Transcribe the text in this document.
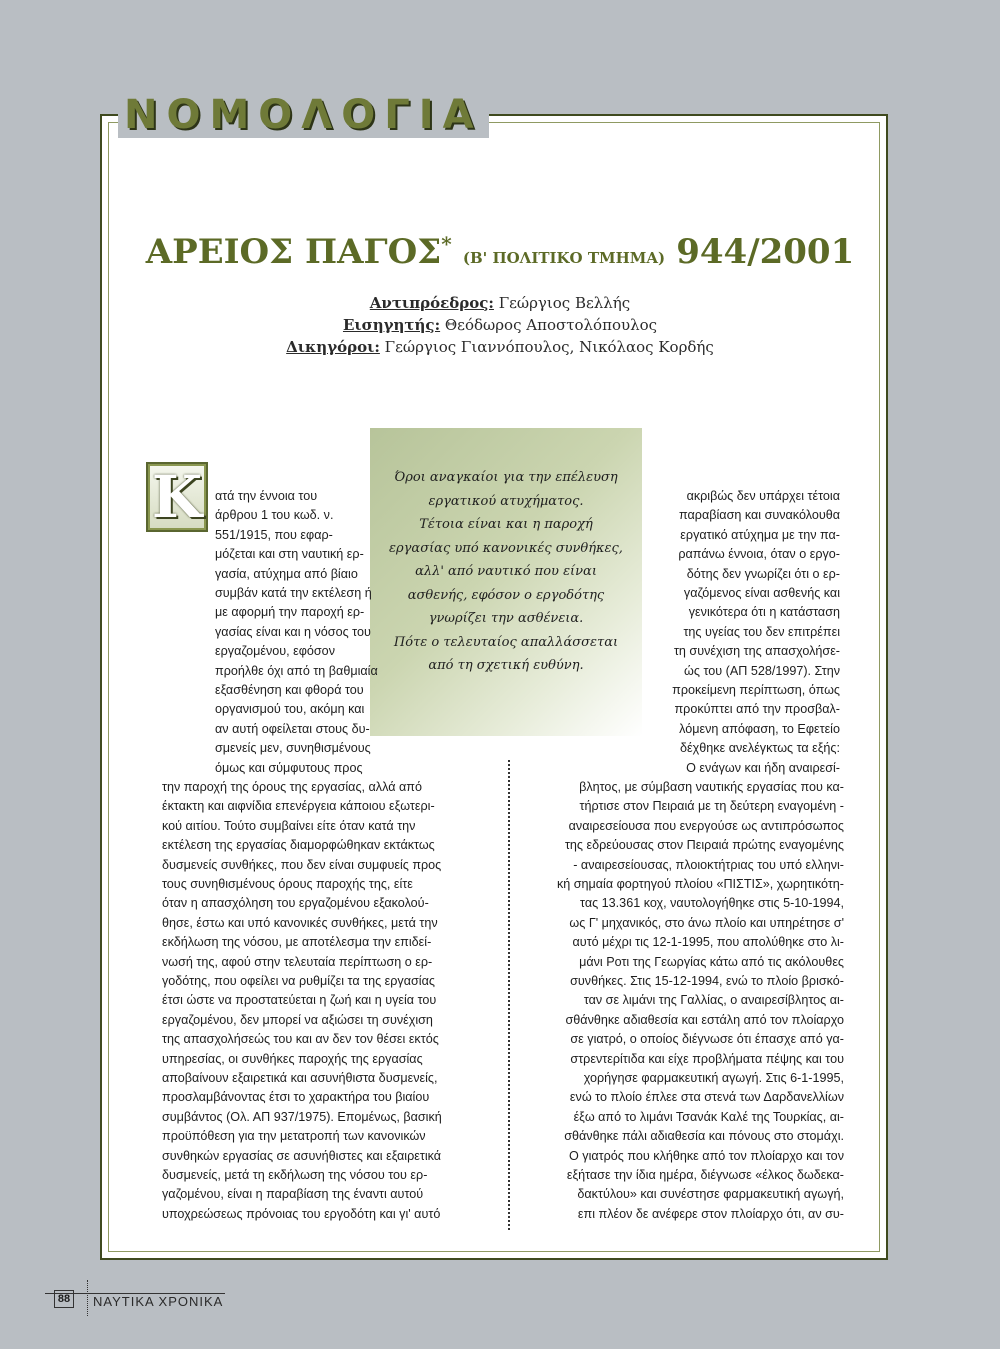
ΝΟΜΟΛΟΓΙΑ
ΑΡΕΙΟΣ ΠΑΓΟΣ* (Β' ΠΟΛΙΤΙΚΟ ΤΜΗΜΑ) 944/2001
Αντιπρόεδρος: Γεώργιος Βελλής
Εισηγητής: Θεόδωρος Αποστολόπουλος
Δικηγόροι: Γεώργιος Γιαννόπουλος, Νικόλαος Κορδής
Όροι αναγκαίοι για την επέλευση
εργατικού ατυχήματος.
Τέτοια είναι και η παροχή
εργασίας υπό κανονικές συνθήκες,
αλλ' από ναυτικό που είναι
ασθενής, εφόσον ο εργοδότης
γνωρίζει την ασθένεια.
Πότε ο τελευταίος απαλλάσσεται
από τη σχετική ευθύνη.
Κ ατά την έννοια του
άρθρου 1 του κωδ. ν.
551/1915, που εφαρ-
μόζεται και στη ναυτική ερ-
γασία, ατύχημα από βίαιο
συμβάν κατά την εκτέλεση ή
με αφορμή την παροχή ερ-
γασίας είναι και η νόσος του
εργαζομένου, εφόσον
προήλθε όχι από τη βαθμιαία
εξασθένηση και φθορά του
οργανισμού του, ακόμη και
αν αυτή οφείλεται στους δυ-
σμενείς μεν, συνηθισμένους
όμως και σύμφυτους προς
την παροχή της όρους της εργασίας, αλλά από
έκτακτη και αιφνίδια επενέργεια κάποιου εξωτερι-
κού αιτίου. Τούτο συμβαίνει είτε όταν κατά την
εκτέλεση της εργασίας διαμορφώθηκαν εκτάκτως
δυσμενείς συνθήκες, που δεν είναι συμφυείς προς
τους συνηθισμένους όρους παροχής της, είτε
όταν η απασχόληση του εργαζομένου εξακολού-
θησε, έστω και υπό κανονικές συνθήκες, μετά την
εκδήλωση της νόσου, με αποτέλεσμα την επιδεί-
νωσή της, αφού στην τελευταία περίπτωση ο ερ-
γοδότης, που οφείλει να ρυθμίζει τα της εργασίας
έτσι ώστε να προστατεύεται η ζωή και η υγεία του
εργαζομένου, δεν μπορεί να αξιώσει τη συνέχιση
της απασχολήσεώς του και αν δεν τον θέσει εκτός
υπηρεσίας, οι συνθήκες παροχής της εργασίας
αποβαίνουν εξαιρετικά και ασυνήθιστα δυσμενείς,
προσλαμβάνοντας έτσι το χαρακτήρα του βιαίου
συμβάντος (Ολ. ΑΠ 937/1975). Επομένως, βασική
προϋπόθεση για την μετατροπή των κανονικών
συνθηκών εργασίας σε ασυνήθιστες και εξαιρετικά
δυσμενείς, μετά τη εκδήλωση της νόσου του ερ-
γαζομένου, είναι η παραβίαση της έναντι αυτού
υποχρεώσεως πρόνοιας του εργοδότη και γι' αυτό
ακριβώς δεν υπάρχει τέτοια
παραβίαση και συνακόλουθα
εργατικό ατύχημα με την πα-
ραπάνω έννοια, όταν ο εργο-
δότης δεν γνωρίζει ότι ο ερ-
γαζόμενος είναι ασθενής και
γενικότερα ότι η κατάσταση
της υγείας του δεν επιτρέπει
τη συνέχιση της απασχολήσε-
ώς του (ΑΠ 528/1997). Στην
προκείμενη περίπτωση, όπως
προκύπτει από την προσβαλ-
λόμενη απόφαση, το Εφετείο
δέχθηκε ανελέγκτως τα εξής:
Ο ενάγων και ήδη αναιρεσί-
βλητος, με σύμβαση ναυτικής εργασίας που κα-
τήρτισε στον Πειραιά με τη δεύτερη εναγομένη -
αναιρεσείουσα που ενεργούσε ως αντιπρόσωπος
της εδρεύουσας στον Πειραιά πρώτης εναγομένης
- αναιρεσείουσας, πλοιοκτήτριας του υπό ελληνι-
κή σημαία φορτηγού πλοίου «ΠΙΣΤΙΣ», χωρητικότη-
τας 13.361 κοχ, ναυτολογήθηκε στις 5-10-1994,
ως Γ' μηχανικός, στο άνω πλοίο και υπηρέτησε σ'
αυτό μέχρι τις 12-1-1995, που απολύθηκε στο λι-
μάνι Ροτι της Γεωργίας κάτω από τις ακόλουθες
συνθήκες. Στις 15-12-1994, ενώ το πλοίο βρισκό-
ταν σε λιμάνι της Γαλλίας, ο αναιρεσίβλητος αι-
σθάνθηκε αδιαθεσία και εστάλη από τον πλοίαρχο
σε γιατρό, ο οποίος διέγνωσε ότι έπασχε από γα-
στρεντερίτιδα και είχε προβλήματα πέψης και του
χορήγησε φαρμακευτική αγωγή. Στις 6-1-1995,
ενώ το πλοίο έπλεε στα στενά των Δαρδανελλίων
έξω από το λιμάνι Τσανάκ Καλέ της Τουρκίας, αι-
σθάνθηκε πάλι αδιαθεσία και πόνους στο στομάχι.
Ο γιατρός που κλήθηκε από τον πλοίαρχο και τον
εξήτασε την ίδια ημέρα, διέγνωσε «έλκος δωδεκα-
δακτύλου» και συνέστησε φαρμακευτική αγωγή,
επι πλέον δε ανέφερε στον πλοίαρχο ότι, αν συ-
88 ΝΑΥΤΙΚΑ ΧΡΟΝΙΚΑ
